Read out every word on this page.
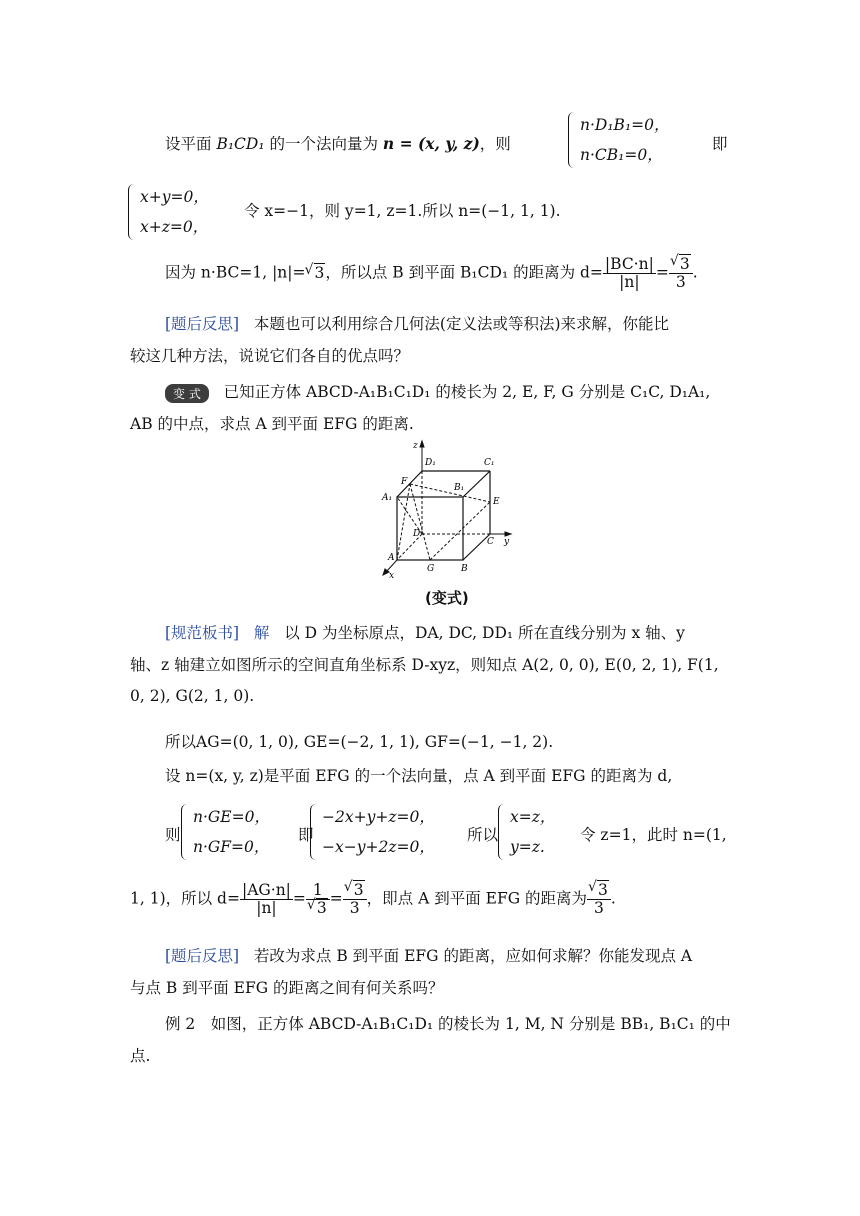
设平面 B₁CD₁ 的一个法向量为 n = (x, y, z)，则
n·D₁B₁=0，
n·CB₁=0，
即
x+y=0，
x+z=0，
令 x=−1，则 y=1, z=1.所以 n=(−1, 1, 1).
因为 n·BC=1, |n|= √ 3，所以点 B 到平面 B₁CD₁ 的距离为 $d= \frac{|BC\cdot n|}{|n|}$ = √ $\frac{3}{3}$ .
[题后反思] 本题也可以利用综合几何法(定义法或等积法)来求解，你能比
较这几种方法，说说它们各自的优点吗？
变 式 已知正方体 ABCD-A₁B₁C₁D₁ 的棱长为 2, E, F, G 分别是 C₁C, D₁A₁,
AB 的中点，求点 A 到平面 EFG 的距离.
z
y
x
D₁	C₁
F
A₁
B₁
E
D
C
A
G	B
(变式)
[规范板书] 解 以 D 为坐标原点，DA, DC, DD₁ 所在直线分别为 x 轴、y
轴、z 轴建立如图所示的空间直角坐标系 D-xyz，则知点 A(2, 0, 0), E(0, 2, 1), F(1,
0, 2), G(2, 1, 0).
所以AG=(0, 1, 0), GE=(−2, 1, 1), GF=(−1, −1, 2).
设 n=(x, y, z)是平面 EFG 的一个法向量，点 A 到平面 EFG 的距离为 d,
则
n·GE=0，
n·GF=0，
即
−2x+y+z=0，
−x−y+2z=0，
所以
x=z，
y=z.
令 z=1，此时 n=(1,
1, 1)，所以 $d= \frac{|AG\cdot n|}{|n|} = 1$
√ 3 = √ $\frac{3}{3}$ ，即点 A 到平面 EFG 的距离为 √ $\frac{3}{3}$ .
[题后反思] 若改为求点 B 到平面 EFG 的距离，应如何求解？你能发现点 A
与点 B 到平面 EFG 的距离之间有何关系吗？
例 2　如图，正方体 ABCD-A₁B₁C₁D₁ 的棱长为 1, M, N 分别是 BB₁, B₁C₁ 的中
点.
